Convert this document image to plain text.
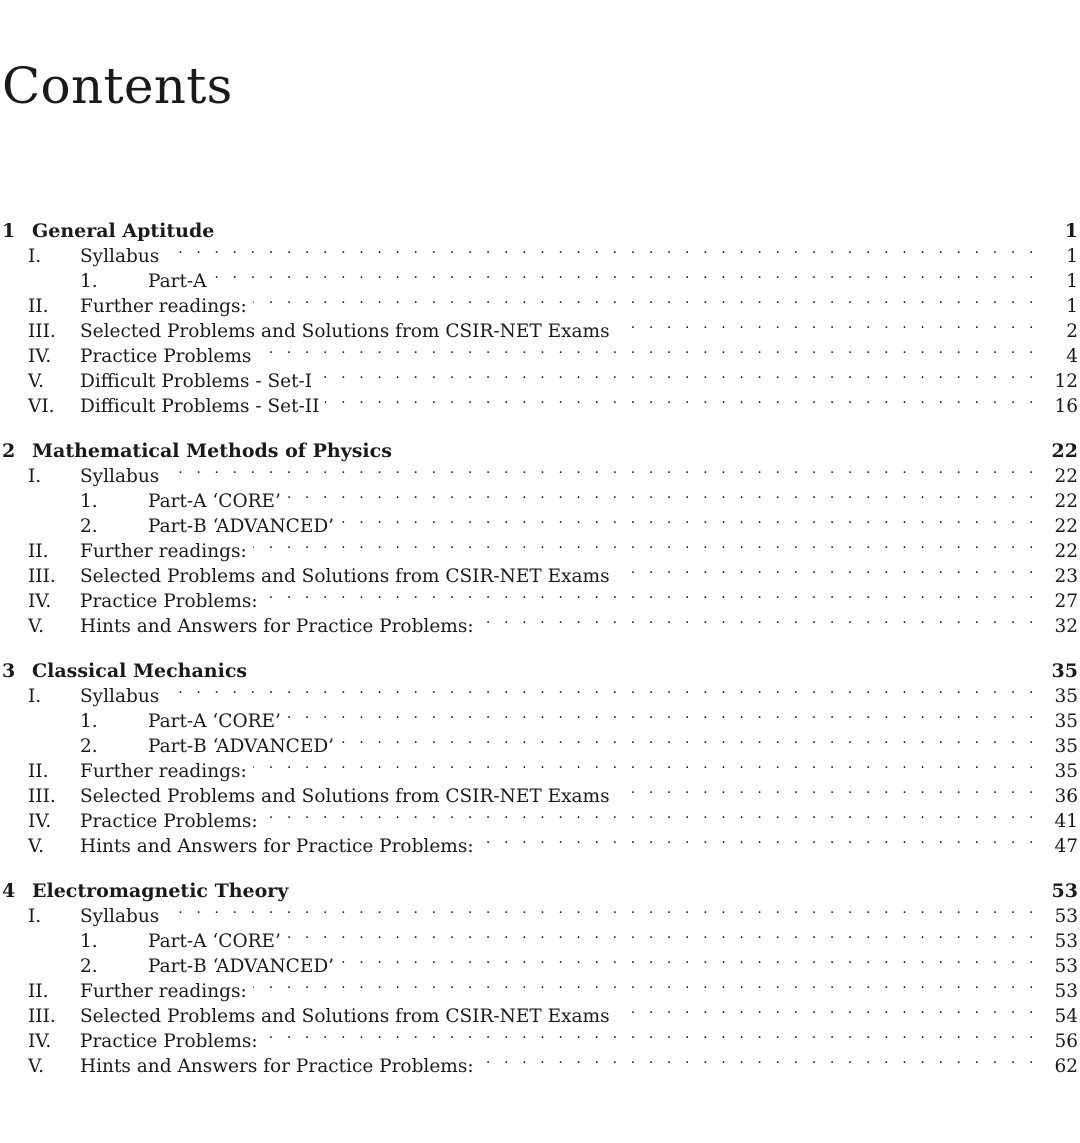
Contents
1 General Aptitude	1
I.	Syllabus . . .	1
1.	Part-A . . .	1
II.	Further readings: . . .	1
III.	Selected Problems and Solutions from CSIR-NET Exams . . .	2
IV.	Practice Problems . . .	4
V.	Difficult Problems - Set-I . . .	12
VI.	Difficult Problems - Set-II . . .	16
2 Mathematical Methods of Physics	22
I.	Syllabus . . .	22
1.	Part-A ‘CORE’ . . .	22
2.	Part-B ‘ADVANCED’ . . .	22
II.	Further readings: . . .	22
III.	Selected Problems and Solutions from CSIR-NET Exams . . .	23
IV.	Practice Problems: . . .	27
V.	Hints and Answers for Practice Problems: . . .	32
3 Classical Mechanics	35
I.	Syllabus . . .	35
1.	Part-A ‘CORE’ . . .	35
2.	Part-B ‘ADVANCED’ . . .	35
II.	Further readings: . . .	35
III.	Selected Problems and Solutions from CSIR-NET Exams . . .	36
IV.	Practice Problems: . . .	41
V.	Hints and Answers for Practice Problems: . . .	47
4 Electromagnetic Theory	53
I.	Syllabus . . .	53
1.	Part-A ‘CORE’ . . .	53
2.	Part-B ‘ADVANCED’ . . .	53
II.	Further readings: . . .	53
III.	Selected Problems and Solutions from CSIR-NET Exams . . .	54
IV.	Practice Problems: . . .	56
V.	Hints and Answers for Practice Problems: . . .	62
